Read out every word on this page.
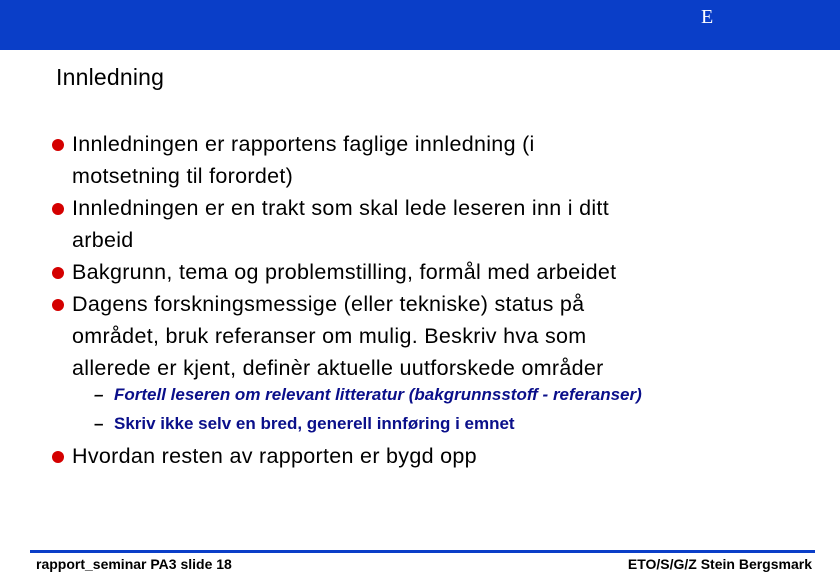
E
Innledning
Innledningen er rapportens faglige innledning (i
motsetning til forordet)
Innledningen er en trakt som skal lede leseren inn i ditt
arbeid
Bakgrunn, tema og problemstilling, formål med arbeidet
Dagens forskningsmessige (eller tekniske) status på
området, bruk referanser om mulig. Beskriv hva som
allerede er kjent, definèr aktuelle uutforskede områder
– Fortell leseren om relevant litteratur (bakgrunnsstoff - referanser)
– Skriv ikke selv en bred, generell innføring i emnet
Hvordan resten av rapporten er bygd opp
rapport_seminar PA3 slide 18	ETO/S/G/Z Stein Bergsmark
